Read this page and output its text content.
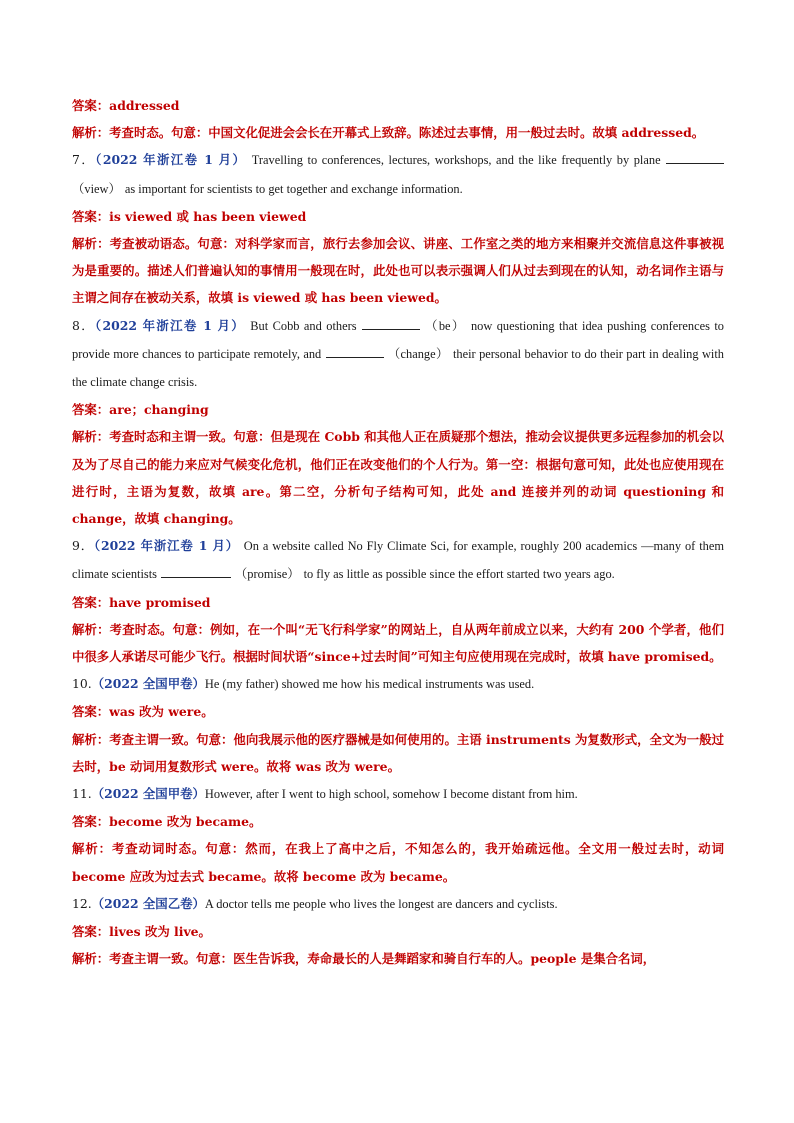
答案：addressed

解析：考查时态。句意：中国文化促进会会长在开幕式上致辞。陈述过去事情，用一般过去时。故填 addressed。

7．（2022 年浙江卷 1 月） Travelling to conferences, lectures, workshops, and the like frequently by plane  （view） as important for scientists to get together and exchange information.

答案：is viewed 或 has been viewed

解析：考查被动语态。句意：对科学家而言，旅行去参加会议、讲座、工作室之类的地方来相聚并交流信息这件事被视为是重要的。描述人们普遍认知的事情用一般现在时，此处也可以表示强调人们从过去到现在的认知，动名词作主语与主谓之间存在被动关系，故填 is viewed 或 has been viewed。

8．（2022 年浙江卷 1 月） But Cobb and others	（be） now questioning that idea pushing conferences to provide more chances to participate remotely, and	（change） their personal behavior to do their part in dealing with the climate change crisis.

答案：are；changing

解析：考查时态和主谓一致。句意：但是现在 Cobb 和其他人正在质疑那个想法，推动会议提供更多远程参加的机会以及为了尽自己的能力来应对气候变化危机，他们正在改变他们的个人行为。第一空：根据句意可知，此处也应使用现在进行时，主语为复数，故填 are。第二空，分析句子结构可知，此处 and 连接并列的动词 questioning 和 change，故填 changing。

9．（2022 年浙江卷 1 月） On a website called No Fly Climate Sci, for example, roughly 200 academics —many of them climate scientists	（promise） to fly as little as possible since the effort started two years ago.

答案：have promised

解析：考查时态。句意：例如，在一个叫“无飞行科学家”的网站上，自从两年前成立以来，大约有 200 个学者，他们中很多人承诺尽可能少飞行。根据时间状语“since+过去时间”可知主句应使用现在完成时，故填 have promised。

10.（2022 全国甲卷）He (my father) showed me how his medical instruments was used.

答案：was 改为 were。

解析：考查主谓一致。句意：他向我展示他的医疗器械是如何使用的。主语 instruments 为复数形式，全文为一般过去时，be 动词用复数形式 were。故将 was 改为 were。

11.（2022 全国甲卷）However, after I went to high school, somehow I become distant from him.

答案：become 改为 became。

解析：考查动词时态。句意：然而，在我上了高中之后，不知怎么的，我开始疏远他。全文用一般过去时，动词 become 应改为过去式 became。故将 become 改为 became。

12.（2022 全国乙卷）A doctor tells me people who lives the longest are dancers and cyclists.

答案：lives 改为 live。

解析：考查主谓一致。句意：医生告诉我，寿命最长的人是舞蹈家和骑自行车的人。people 是集合名词，
